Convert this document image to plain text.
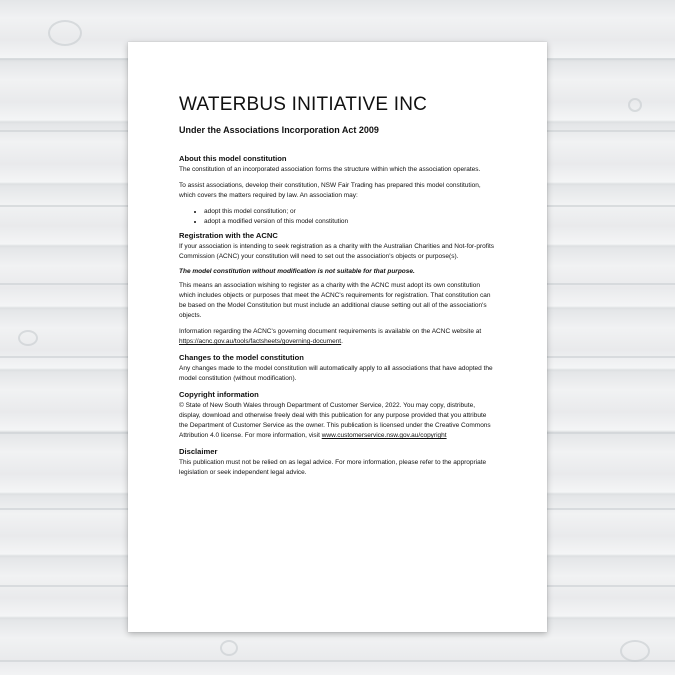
WATERBUS INITIATIVE INC
Under the Associations Incorporation Act 2009
About this model constitution
The constitution of an incorporated association forms the structure within which the association operates.
To assist associations, develop their constitution, NSW Fair Trading has prepared this model constitution, which covers the matters required by law. An association may:
• adopt this model constitution; or
• adopt a modified version of this model constitution
Registration with the ACNC
If your association is intending to seek registration as a charity with the Australian Charities and Not-for-profits Commission (ACNC) your constitution will need to set out the association's objects or purpose(s).
The model constitution without modification is not suitable for that purpose.
This means an association wishing to register as a charity with the ACNC must adopt its own constitution which includes objects or purposes that meet the ACNC's requirements for registration. That constitution can be based on the Model Constitution but must include an additional clause setting out all of the association's objects.
Information regarding the ACNC's governing document requirements is available on the ACNC website at https://acnc.gov.au/tools/factsheets/governing-document.
Changes to the model constitution
Any changes made to the model constitution will automatically apply to all associations that have adopted the model constitution (without modification).
Copyright information
© State of New South Wales through Department of Customer Service, 2022. You may copy, distribute, display, download and otherwise freely deal with this publication for any purpose provided that you attribute the Department of Customer Service as the owner. This publication is licensed under the Creative Commons Attribution 4.0 license. For more information, visit www.customerservice.nsw.gov.au/copyright
Disclaimer
This publication must not be relied on as legal advice. For more information, please refer to the appropriate legislation or seek independent legal advice.
